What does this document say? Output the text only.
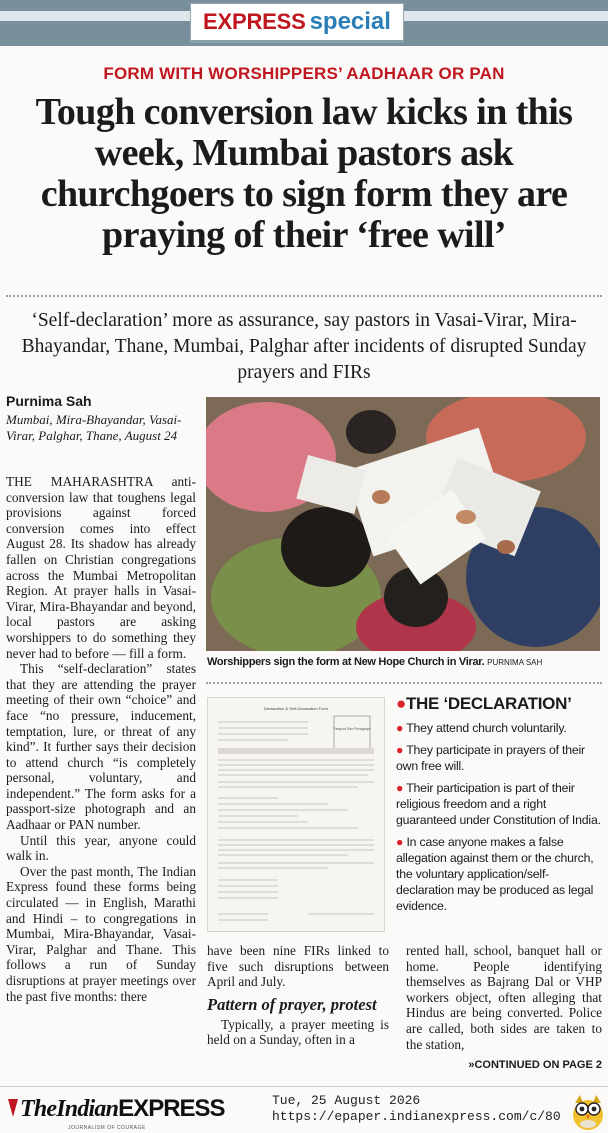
EXPRESS special
FORM WITH WORSHIPPERS’ AADHAAR OR PAN
Tough conversion law kicks in this week, Mumbai pastors ask churchgoers to sign form they are praying of their ‘free will’
‘Self-declaration’ more as assurance, say pastors in Vasai-Virar, Mira-Bhayandar, Thane, Mumbai, Palghar after incidents of disrupted Sunday prayers and FIRs
Purnima Sah
Mumbai, Mira-Bhayandar, Vasai-Virar, Palghar, Thane, August 24

THE MAHARASHTRA anti-conversion law that toughens legal provisions against forced conversion comes into effect August 28. Its shadow has already fallen on Christian congregations across the Mumbai Metropolitan Region. At prayer halls in Vasai-Virar, Mira-Bhayandar and beyond, local pastors are asking worshippers to do something they never had to before — fill a form.

This “self-declaration” states that they are attending the prayer meeting of their own “choice” and face “no pressure, inducement, temptation, lure, or threat of any kind”. It further says their decision to attend church “is completely personal, voluntary, and independent.” The form asks for a passport-size photograph and an Aadhaar or PAN number.

Until this year, anyone could walk in.

Over the past month, The Indian Express found these forms being circulated — in English, Marathi and Hindi – to congregations in Mumbai, Mira-Bhayandar, Vasai-Virar, Palghar and Thane. This follows a run of Sunday disruptions at prayer meetings over the past five months: there

Worshippers sign the form at New Hope Church in Virar. PURNIMA SAH
Declaration & Self-Declaration Form
Passport Size Photograph
●THE ‘DECLARATION’
● They attend church voluntarily.
● They participate in prayers of their own free will.
● Their participation is part of their religious freedom and a right guaranteed under Constitution of India.
● In case anyone makes a false allegation against them or the church, the voluntary application/self-declaration may be produced as legal evidence.

have been nine FIRs linked to five such disruptions between April and July.

Pattern of prayer, protest

Typically, a prayer meeting is held on a Sunday, often in a

rented hall, school, banquet hall or home. People identifying themselves as Bajrang Dal or VHP workers object, often alleging that Hindus are being converted. Police are called, both sides are taken to the station,

»CONTINUED ON PAGE 2
TheIndianEXPRESS
JOURNALISM OF COURAGE
Tue, 25 August 2026
https://epaper.indianexpress.com/c/80
